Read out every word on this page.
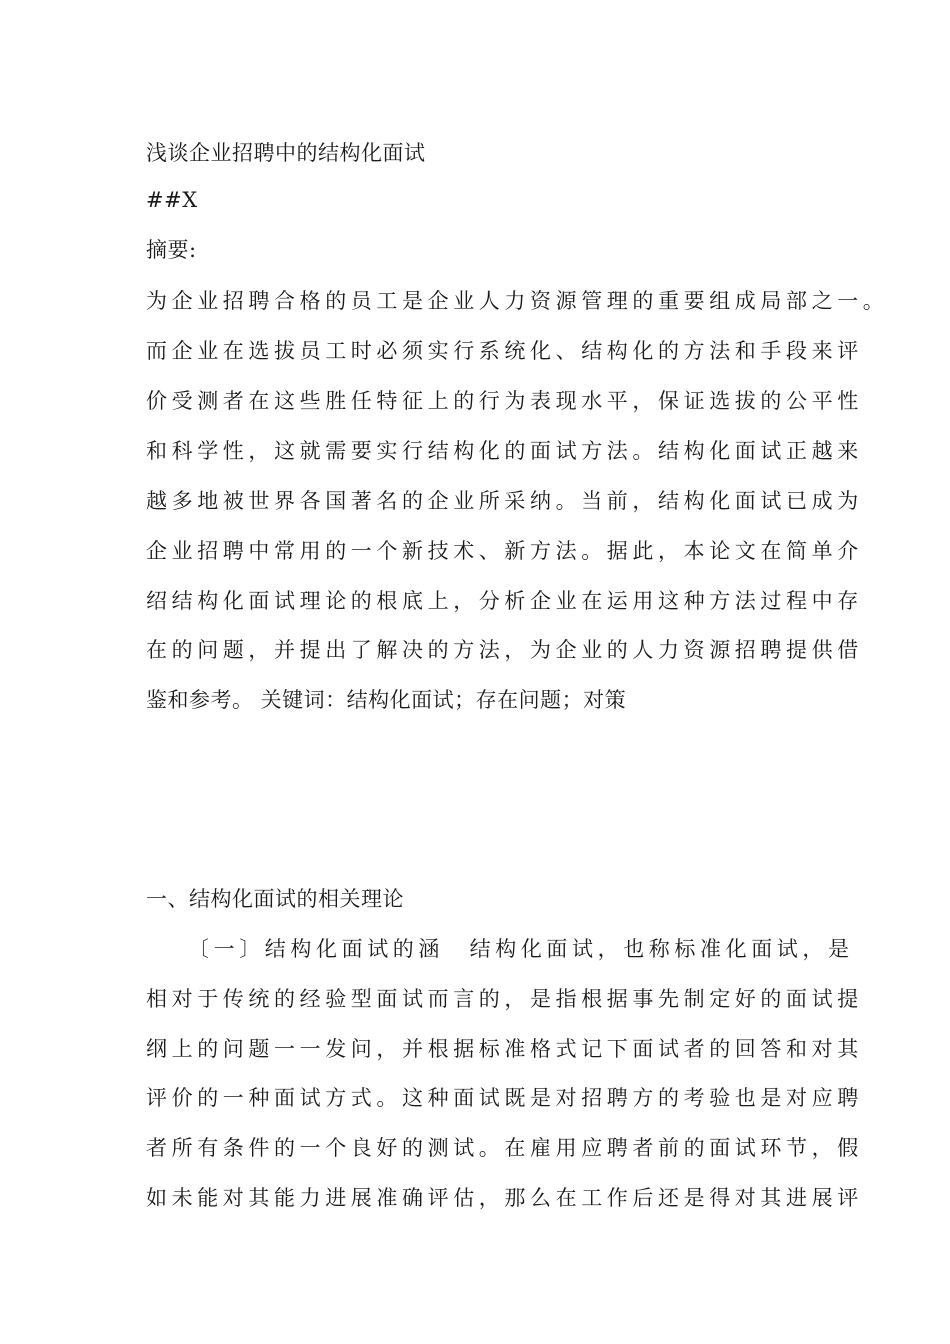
浅谈企业招聘中的结构化面试
##X
摘要:
为企业招聘合格的员工是企业人力资源管理的重要组成局部之一。
而企业在选拔员工时必须实行系统化、结构化的方法和手段来评
价受测者在这些胜任特征上的行为表现水平，保证选拔的公平性
和科学性，这就需要实行结构化的面试方法。结构化面试正越来
越多地被世界各国著名的企业所采纳。当前，结构化面试已成为
企业招聘中常用的一个新技术、新方法。据此，本论文在简单介
绍结构化面试理论的根底上，分析企业在运用这种方法过程中存
在的问题，并提出了解决的方法，为企业的人力资源招聘提供借
鉴和参考。 关键词：结构化面试；存在问题；对策
一、结构化面试的相关理论
〔一〕结构化面试的涵　结构化面试，也称标准化面试，是
相对于传统的经验型面试而言的，是指根据事先制定好的面试提
纲上的问题一一发问，并根据标准格式记下面试者的回答和对其
评价的一种面试方式。这种面试既是对招聘方的考验也是对应聘
者所有条件的一个良好的测试。在雇用应聘者前的面试环节，假
如未能对其能力进展准确评估，那么在工作后还是得对其进展评
